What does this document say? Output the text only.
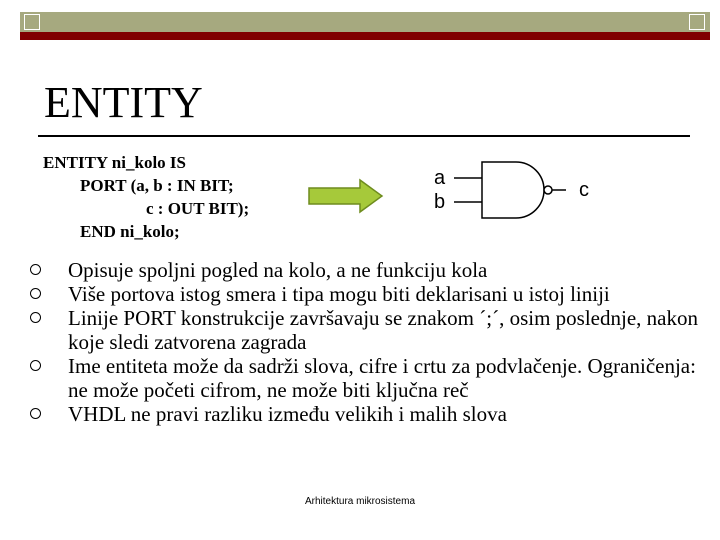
ENTITY
ENTITY ni_kolo IS
PORT (a, b : IN BIT;
c : OUT BIT);
END ni_kolo;
a
b
c
Opisuje spoljni pogled na kolo, a ne funkciju kola
Više portova istog smera i tipa mogu biti deklarisani u istoj liniji
Linije PORT konstrukcije završavaju se znakom ´;´, osim poslednje, nakon koje sledi zatvorena zagrada
Ime entiteta može da sadrži slova, cifre i crtu za podvlačenje. Ograničenja: ne može početi cifrom, ne može biti ključna reč
VHDL ne pravi razliku između velikih i malih slova
Arhitektura mikrosistema
